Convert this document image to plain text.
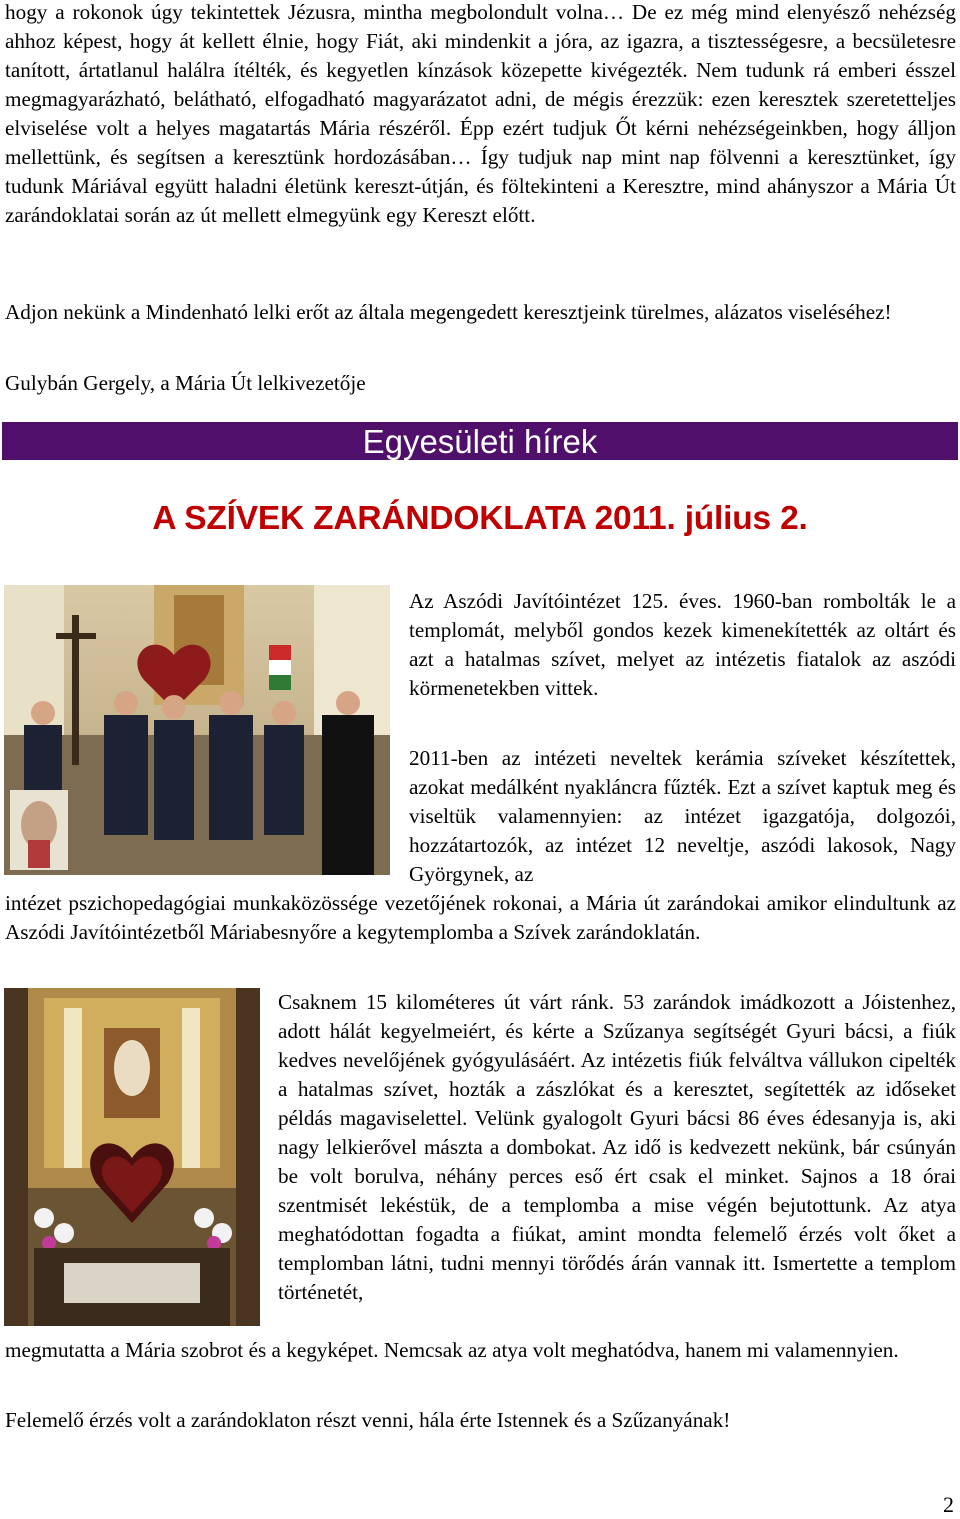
hogy a rokonok úgy tekintettek Jézusra, mintha megbolondult volna… De ez még mind elenyésző nehézség ahhoz képest, hogy át kellett élnie, hogy Fiát, aki mindenkit a jóra, az igazra, a tisztességesre, a becsületesre tanított, ártatlanul halálra ítélték, és kegyetlen kínzások közepette kivégezték. Nem tudunk rá emberi ésszel megmagyarázható, belátható, elfogadható magyarázatot adni, de mégis érezzük: ezen keresztek szeretetteljes elviselése volt a helyes magatartás Mária részéről. Épp ezért tudjuk Őt kérni nehézségeinkben, hogy álljon mellettünk, és segítsen a keresztünk hordozásában… Így tudjuk nap mint nap fölvenni a keresztünket, így tudunk Máriával együtt haladni életünk kereszt-útján, és föltekinteni a Keresztre, mind ahányszor a Mária Út zarándoklatai során az út mellett elmegyünk egy Kereszt előtt.

Adjon nekünk a Mindenható lelki erőt az általa megengedett keresztjeink türelmes, alázatos viseléséhez!

Gulybán Gergely, a Mária Út lelkivezetője

Egyesületi hírek
A SZÍVEK ZARÁNDOKLATA 2011. július 2.

Az Aszódi Javítóintézet 125. éves. 1960-ban rombolták le a templomát, melyből gondos kezek kimenekítették az oltárt és azt a hatalmas szívet, melyet az intézetis fiatalok az aszódi körmenetekben vittek.

2011-ben az intézeti neveltek kerámia szíveket készítettek, azokat medálként nyakláncra fűzték. Ezt a szívet kaptuk meg és viseltük valamennyien: az intézet igazgatója, dolgozói, hozzátartozók, az intézet 12 neveltje, aszódi lakosok, Nagy Györgynek, az

intézet pszichopedagógiai munkaközössége vezetőjének rokonai, a Mária út zarándokai amikor elindultunk az Aszódi Javítóintézetből Máriabesnyőre a kegytemplomba a Szívek zarándoklatán.

Csaknem 15 kilométeres út várt ránk. 53 zarándok imádkozott a Jóistenhez, adott hálát kegyelmeiért, és kérte a Szűzanya segítségét Gyuri bácsi, a fiúk kedves nevelőjének gyógyulásáért. Az intézetis fiúk felváltva vállukon cipelték a hatalmas szívet, hozták a zászlókat és a keresztet, segítették az időseket példás magaviselettel. Velünk gyalogolt Gyuri bácsi 86 éves édesanyja is, aki nagy lelkierővel mászta a dombokat. Az idő is kedvezett nekünk, bár csúnyán be volt borulva, néhány perces eső ért csak el minket. Sajnos a 18 órai szentmisét lekéstük, de a templomba a mise végén bejutottunk. Az atya meghatódottan fogadta a fiúkat, amint mondta felemelő érzés volt őket a templomban látni, tudni mennyi törődés árán vannak itt. Ismertette a templom történetét,

megmutatta a Mária szobrot és a kegyképet. Nemcsak az atya volt meghatódva, hanem mi valamennyien.

Felemelő érzés volt a zarándoklaton részt venni, hála érte Istennek és a Szűzanyának!

2
